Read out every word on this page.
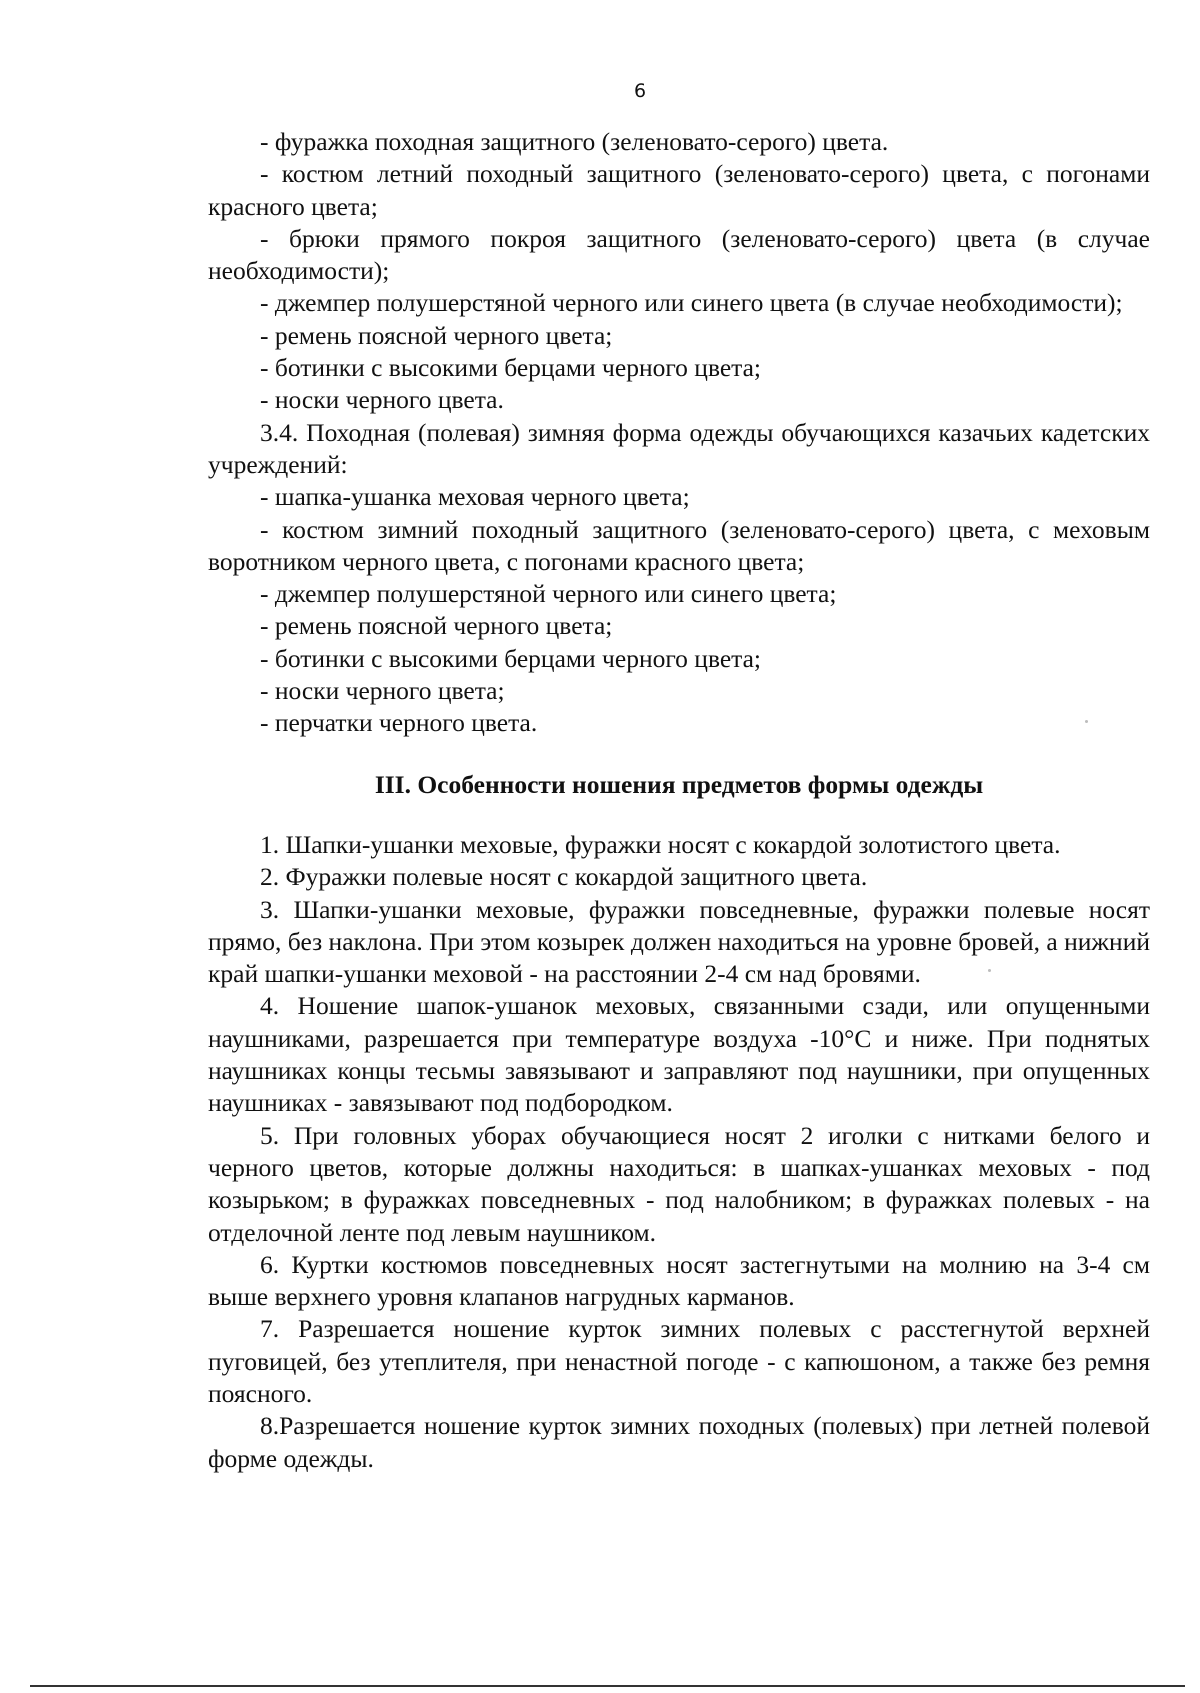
6

- фуражка походная защитного (зеленовато-серого) цвета.

- костюм летний походный защитного (зеленовато-серого) цвета, с погонами красного цвета;

- брюки прямого покроя защитного (зеленовато-серого) цвета (в случае необходимости);

- джемпер полушерстяной черного или синего цвета (в случае необходимости);

- ремень поясной черного цвета;

- ботинки с высокими берцами черного цвета;

- носки черного цвета.

3.4. Походная (полевая) зимняя форма одежды обучающихся казачьих кадетских учреждений:

- шапка-ушанка меховая черного цвета;

- костюм зимний походный защитного (зеленовато-серого) цвета, с меховым воротником черного цвета, с погонами красного цвета;

- джемпер полушерстяной черного или синего цвета;

- ремень поясной черного цвета;

- ботинки с высокими берцами черного цвета;

- носки черного цвета;

- перчатки черного цвета.

III. Особенности ношения предметов формы одежды

1. Шапки-ушанки меховые, фуражки носят с кокардой золотистого цвета.

2. Фуражки полевые носят с кокардой защитного цвета.

3. Шапки-ушанки меховые, фуражки повседневные, фуражки полевые носят прямо, без наклона. При этом козырек должен находиться на уровне бровей, а нижний край шапки-ушанки меховой - на расстоянии 2-4 см над бровями.

4. Ношение шапок-ушанок меховых, связанными сзади, или опущенными наушниками, разрешается при температуре воздуха -10°С и ниже. При поднятых наушниках концы тесьмы завязывают и заправляют под наушники, при опущенных наушниках - завязывают под подбородком.

5. При головных уборах обучающиеся носят 2 иголки с нитками белого и черного цветов, которые должны находиться: в шапках-ушанках меховых - под козырьком; в фуражках повседневных - под налобником; в фуражках полевых - на отделочной ленте под левым наушником.

6. Куртки костюмов повседневных носят застегнутыми на молнию на 3-4 см выше верхнего уровня клапанов нагрудных карманов.

7. Разрешается ношение курток зимних полевых с расстегнутой верхней пуговицей, без утеплителя, при ненастной погоде - с капюшоном, а также без ремня поясного.

8.Разрешается ношение курток зимних походных (полевых) при летней полевой форме одежды.
